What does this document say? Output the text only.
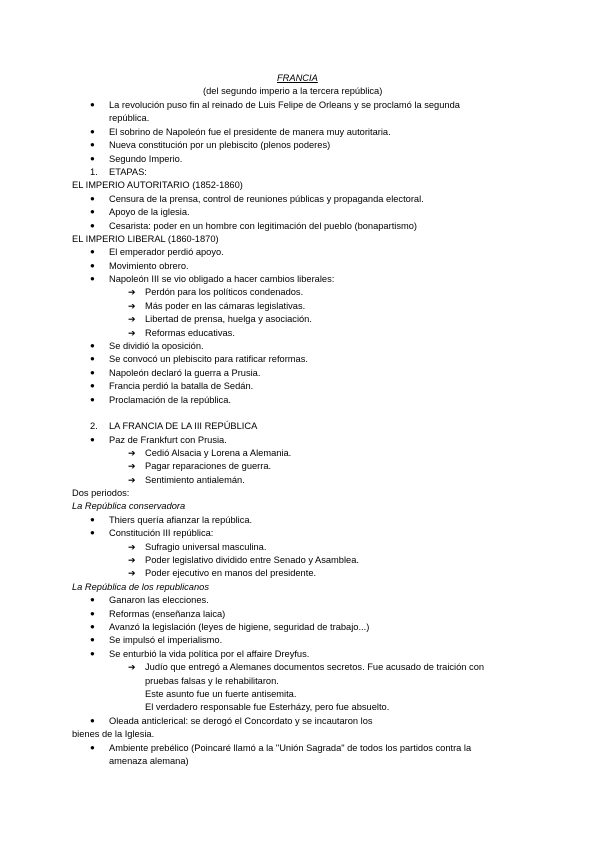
FRANCIA
(del segundo imperio a la tercera república)
● La revolución puso fin al reinado de Luis Felipe de Orleans y se proclamó la segunda
república.
● El sobrino de Napoleón fue el presidente de manera muy autoritaria.
● Nueva constitución por un plebiscito (plenos poderes)
● Segundo Imperio.
1. ETAPAS:
EL IMPERIO AUTORITARIO (1852-1860)
● Censura de la prensa, control de reuniones públicas y propaganda electoral.
● Apoyo de la iglesia.
● Cesarista: poder en un hombre con legitimación del pueblo (bonapartismo)
EL IMPERIO LIBERAL (1860-1870)
● El emperador perdió apoyo.
● Movimiento obrero.
● Napoleón III se vio obligado a hacer cambios liberales:
➔ Perdón para los políticos condenados.
➔ Más poder en las cámaras legislativas.
➔ Libertad de prensa, huelga y asociación.
➔ Reformas educativas.
● Se dividió la oposición.
● Se convocó un plebiscito para ratificar reformas.
● Napoleón declaró la guerra a Prusia.
● Francia perdió la batalla de Sedán.
● Proclamación de la república.
2. LA FRANCIA DE LA III REPÚBLICA
● Paz de Frankfurt con Prusia.
➔ Cedió Alsacia y Lorena a Alemania.
➔ Pagar reparaciones de guerra.
➔ Sentimiento antialemán.
Dos periodos:
La República conservadora
● Thiers quería afianzar la república.
● Constitución III república:
➔ Sufragio universal masculina.
➔ Poder legislativo dividido entre Senado y Asamblea.
➔ Poder ejecutivo en manos del presidente.
La República de los republicanos
● Ganaron las elecciones.
● Reformas (enseñanza laica)
● Avanzó la legislación (leyes de higiene, seguridad de trabajo...)
● Se impulsó el imperialismo.
● Se enturbió la vida política por el affaire Dreyfus.
➔ Judío que entregó a Alemanes documentos secretos. Fue acusado de traición con
pruebas falsas y le rehabilitaron.
Este asunto fue un fuerte antisemita.
El verdadero responsable fue Esterházy, pero fue absuelto.
● Oleada anticlerical: se derogó el Concordato y se incautaron los
bienes de la Iglesia.
● Ambiente prebélico (Poincaré llamó a la "Unión Sagrada" de todos los partidos contra la
amenaza alemana)
